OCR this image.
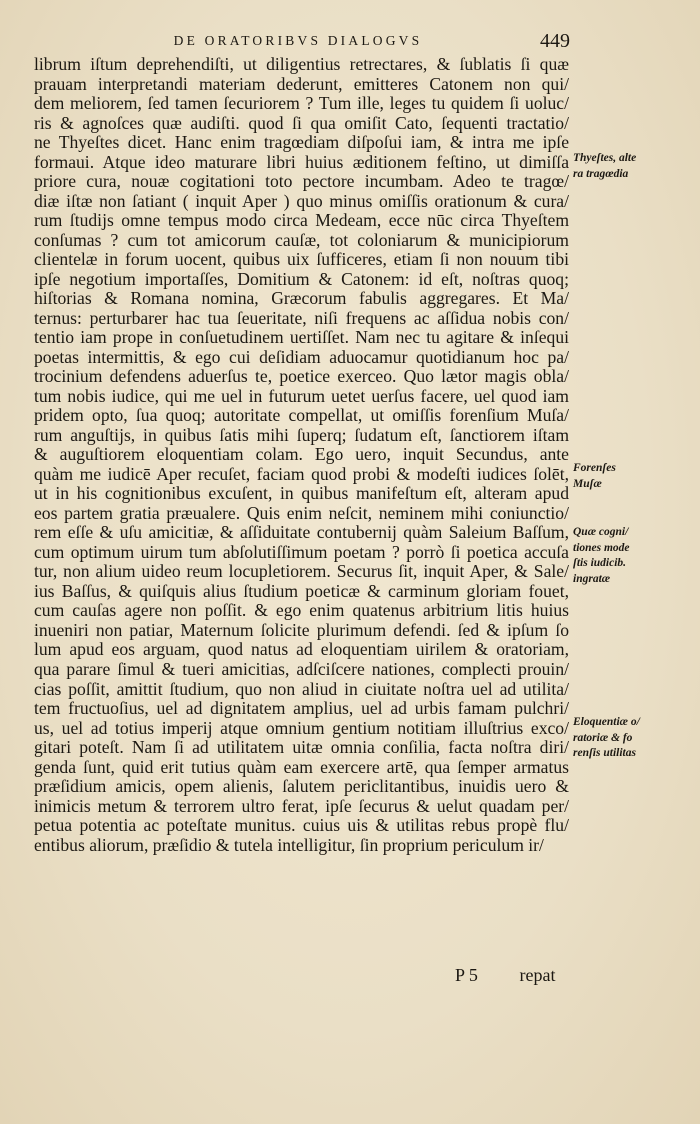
DE ORATORIBVS DIALOGVS	449
librum iſtum deprehendiſti, ut diligentius retrectares, & ſublatis ſi quæ
prauam interpretandi materiam dederunt, emitteres Catonem non qui/
dem meliorem, ſed tamen ſecuriorem ? Tum ille, leges tu quidem ſi uoluc/
ris & agnoſces quæ audiſti. quod ſi qua omiſit Cato, ſequenti tractatio/
ne Thyeſtes dicet. Hanc enim tragœdiam diſpoſui iam, & intra me ipſe
formaui. Atque ideo maturare libri huius æditionem feſtino, ut dimiſſa
priore cura, nouæ cogitationi toto pectore incumbam. Adeo te tragœ/
diæ iſtæ non ſatiant ( inquit Aper ) quo minus omiſſis orationum & cura/
rum ſtudijs omne tempus modo circa Medeam, ecce nūc circa Thyeſtem
conſumas ? cum tot amicorum cauſæ, tot coloniarum & municipiorum
clientelæ in forum uocent, quibus uix ſufficeres, etiam ſi non nouum tibi
ipſe negotium importaſſes, Domitium & Catonem: id eſt, noſtras quoq;
hiſtorias & Romana nomina, Græcorum fabulis aggregares. Et Ma/
ternus: perturbarer hac tua ſeueritate, niſi frequens ac aſſidua nobis con/
tentio iam prope in conſuetudinem uertiſſet. Nam nec tu agitare & inſequi
poetas intermittis, & ego cui deſidiam aduocamur quotidianum hoc pa/
trocinium defendens aduerſus te, poetice exerceo. Quo lætor magis obla/
tum nobis iudice, qui me uel in futurum uetet uerſus facere, uel quod iam
pridem opto, ſua quoq; autoritate compellat, ut omiſſis forenſium Muſa/
rum anguſtijs, in quibus ſatis mihi ſuperq; ſudatum eſt, ſanctiorem iſtam
& auguſtiorem eloquentiam colam. Ego uero, inquit Secundus, ante
quàm me iudicē Aper recuſet, faciam quod probi & modeſti iudices ſolēt,
ut in his cognitionibus excuſent, in quibus manifeſtum eſt, alteram apud
eos partem gratia præualere. Quis enim neſcit, neminem mihi coniunctio/
rem eſſe & uſu amicitiæ, & aſſiduitate contubernij quàm Saleium Baſſum,
cum optimum uirum tum abſolutiſſimum poetam ? porrò ſi poetica accuſa
tur, non alium uideo reum locupletiorem. Securus ſit, inquit Aper, & Sale/
ius Baſſus, & quiſquis alius ſtudium poeticæ & carminum gloriam fouet,
cum cauſas agere non poſſit. & ego enim quatenus arbitrium litis huius
inueniri non patiar, Maternum ſolicite plurimum defendi. ſed & ipſum ſo
lum apud eos arguam, quod natus ad eloquentiam uirilem & oratoriam,
qua parare ſimul & tueri amicitias, adſciſcere nationes, complecti prouin/
cias poſſit, amittit ſtudium, quo non aliud in ciuitate noſtra uel ad utilita/
tem fructuoſius, uel ad dignitatem amplius, uel ad urbis famam pulchri/
us, uel ad totius imperij atque omnium gentium notitiam illuſtrius exco/
gitari poteſt. Nam ſi ad utilitatem uitæ omnia conſilia, facta noſtra diri/
genda ſunt, quid erit tutius quàm eam exercere artē, qua ſemper armatus
præſidium amicis, opem alienis, ſalutem periclitantibus, inuidis uero &
inimicis metum & terrorem ultro ferat, ipſe ſecurus & uelut quadam per/
petua potentia ac poteſtate munitus. cuius uis & utilitas rebus propè flu/
entibus aliorum, præſidio & tutela intelligitur, ſin proprium periculum ir/
P 5 repat
Thyeſtes, alte
ra tragœdia
Forenſes
Muſæ
Quæ cogni/
tiones mode
ſtis iudicib.
ingratæ
Eloquentiæ o/
ratoriæ & fo
renſis utilitas
